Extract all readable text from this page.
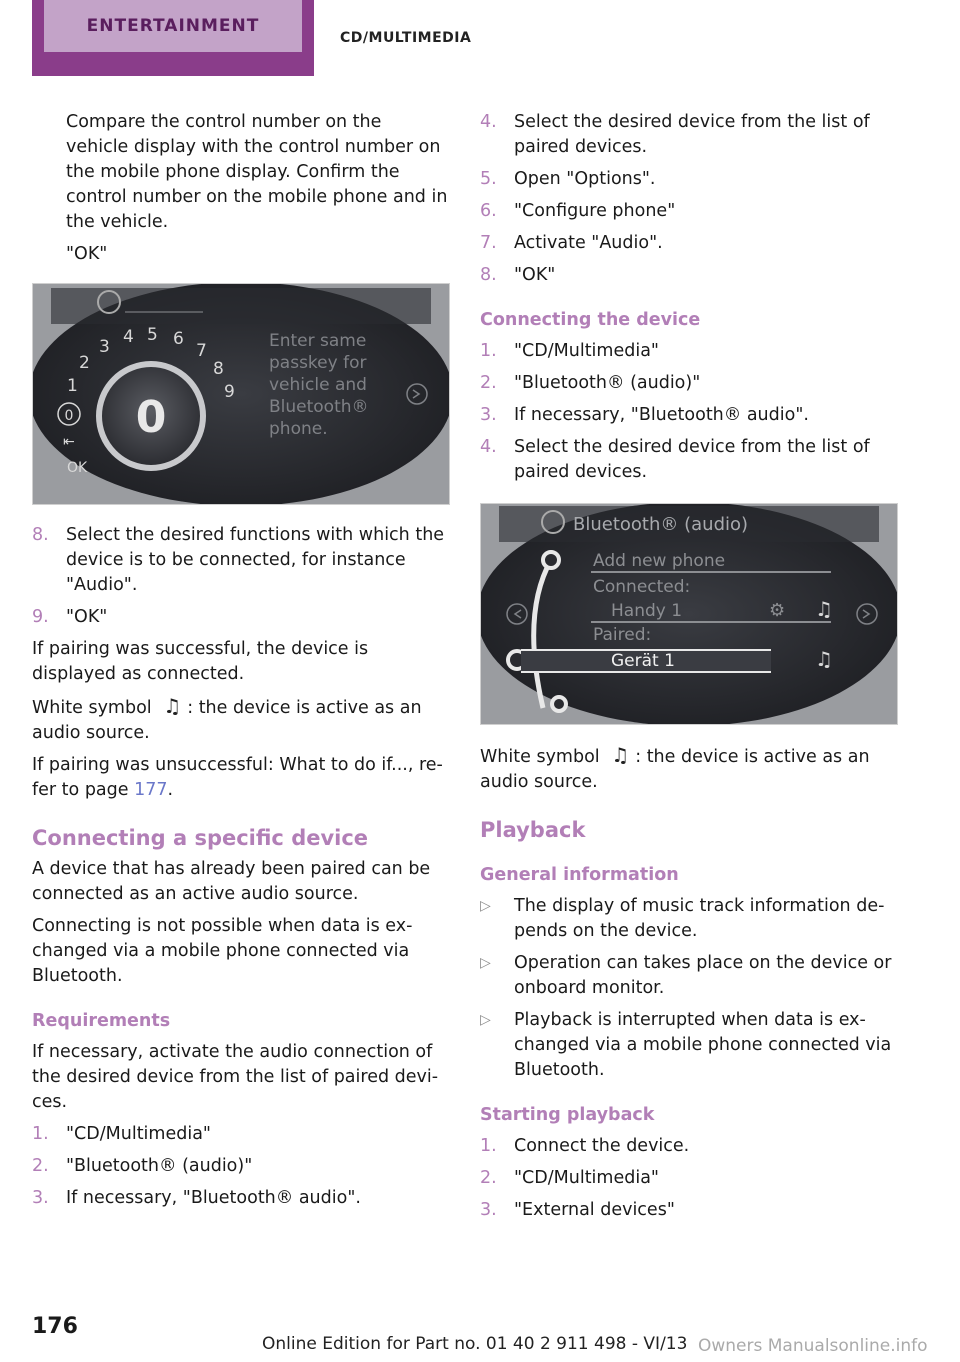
ENTERTAINMENT
CD/MULTIMEDIA

Compare the control number on the vehicle display with the control number on the mobile phone display. Confirm the control number on the mobile phone and in the vehicle.

"OK"

0
1
2
3 4 5 6
7
8
9
0
⇤
OK
Enter same
passkey for
vehicle and
Bluetooth®
phone.
8. Select the desired functions with which the device is to be connected, for instance "Audio".
9. "OK"

If pairing was successful, the device is displayed as connected.

White symbol ♫ : the device is active as an audio source.

If pairing was unsuccessful: What to do if..., refer to page 177.

Connecting a specific device

A device that has already been paired can be connected as an active audio source.

Connecting is not possible when data is exchanged via a mobile phone connected via Bluetooth.

Requirements

If necessary, activate the audio connection of the desired device from the list of paired devices.

1. "CD/Multimedia"
2. "Bluetooth® (audio)"
3. If necessary, "Bluetooth® audio".
4. Select the desired device from the list of paired devices.
5. Open "Options".
6. "Configure phone"
7. Activate "Audio".
8. "OK"
Connecting the device
1. "CD/Multimedia"
2. "Bluetooth® (audio)"
3. If necessary, "Bluetooth® audio".
4. Select the desired device from the list of paired devices.
Bluetooth® (audio)
Add new phone
Connected:
Handy 1
Paired:
Gerät 1
⚙ ♫
♫

White symbol ♫ : the device is active as an audio source.

Playback
General information
▷	The display of music track information depends on the device.
▷	Operation can takes place on the device or onboard monitor.
▷	Playback is interrupted when data is exchanged via a mobile phone connected via Bluetooth.
Starting playback
1. Connect the device.
2. "CD/Multimedia"
3. "External devices"
176
Online Edition for Part no. 01 40 2 911 498 - VI/13 Owners Manualsonline.info
